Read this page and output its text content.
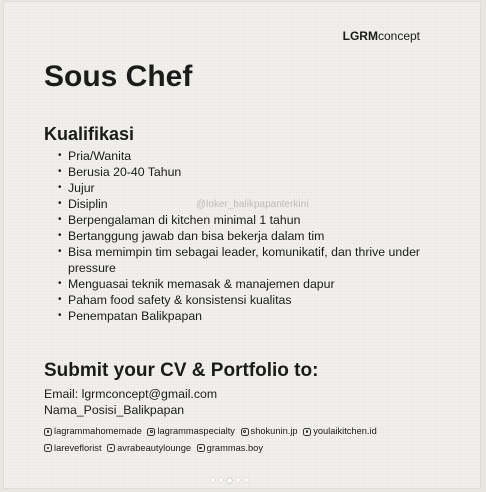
LGRMconcept
Sous Chef
Kualifikasi
• Pria/Wanita
• Berusia 20-40 Tahun
• Jujur
• Disiplin
• Berpengalaman di kitchen minimal 1 tahun
• Bertanggung jawab dan bisa bekerja dalam tim
• Bisa memimpin tim sebagai leader, komunikatif, dan thrive under pressure
• Menguasai teknik memasak & manajemen dapur
• Paham food safety & konsistensi kualitas
• Penempatan Balikpapan
@loker_balikpapanterkini
Submit your CV & Portfolio to:
Email: lgrmconcept@gmail.com
Nama_Posisi_Balikpapan
lagrammahomemade
lagrammaspecialty
shokunin.jp
youlaikitchen.id

lareveflorist
avrabeautylounge
grammas.boy
